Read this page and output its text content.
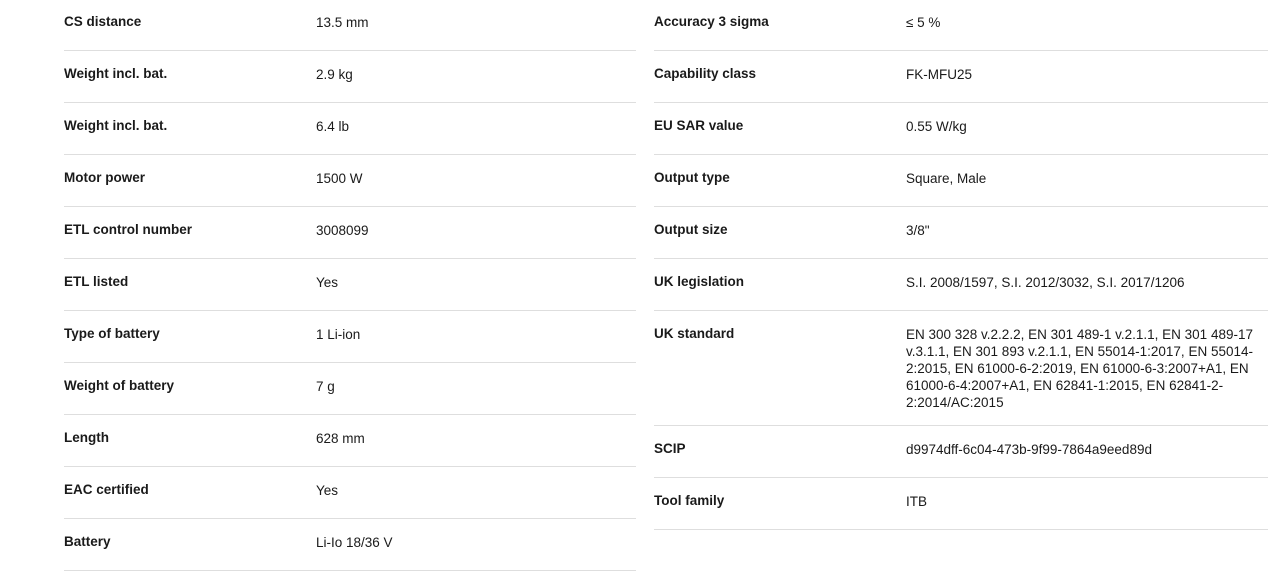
CS distance	13.5 mm
Weight incl. bat.	2.9 kg
Weight incl. bat.	6.4 lb
Motor power	1500 W
ETL control number	3008099
ETL listed	Yes
Type of battery	1 Li-ion
Weight of battery	7 g
Length	628 mm
EAC certified	Yes
Battery	Li-Io 18/36 V
Accuracy 3 sigma	≤ 5 %
Capability class	FK-MFU25
EU SAR value	0.55 W/kg
Output type	Square, Male
Output size	3/8"
UK legislation	S.I. 2008/1597, S.I. 2012/3032, S.I. 2017/1206
UK standard	EN 300 328 v.2.2.2, EN 301 489-1 v.2.1.1, EN 301 489-17 v.3.1.1, EN 301 893 v.2.1.1, EN 55014-1:2017, EN 55014-2:2015, EN 61000-6-2:2019, EN 61000-6-3:2007+A1, EN 61000-6-4:2007+A1, EN 62841-1:2015, EN 62841-2-2:2014/AC:2015
SCIP	d9974dff-6c04-473b-9f99-7864a9eed89d
Tool family	ITB
